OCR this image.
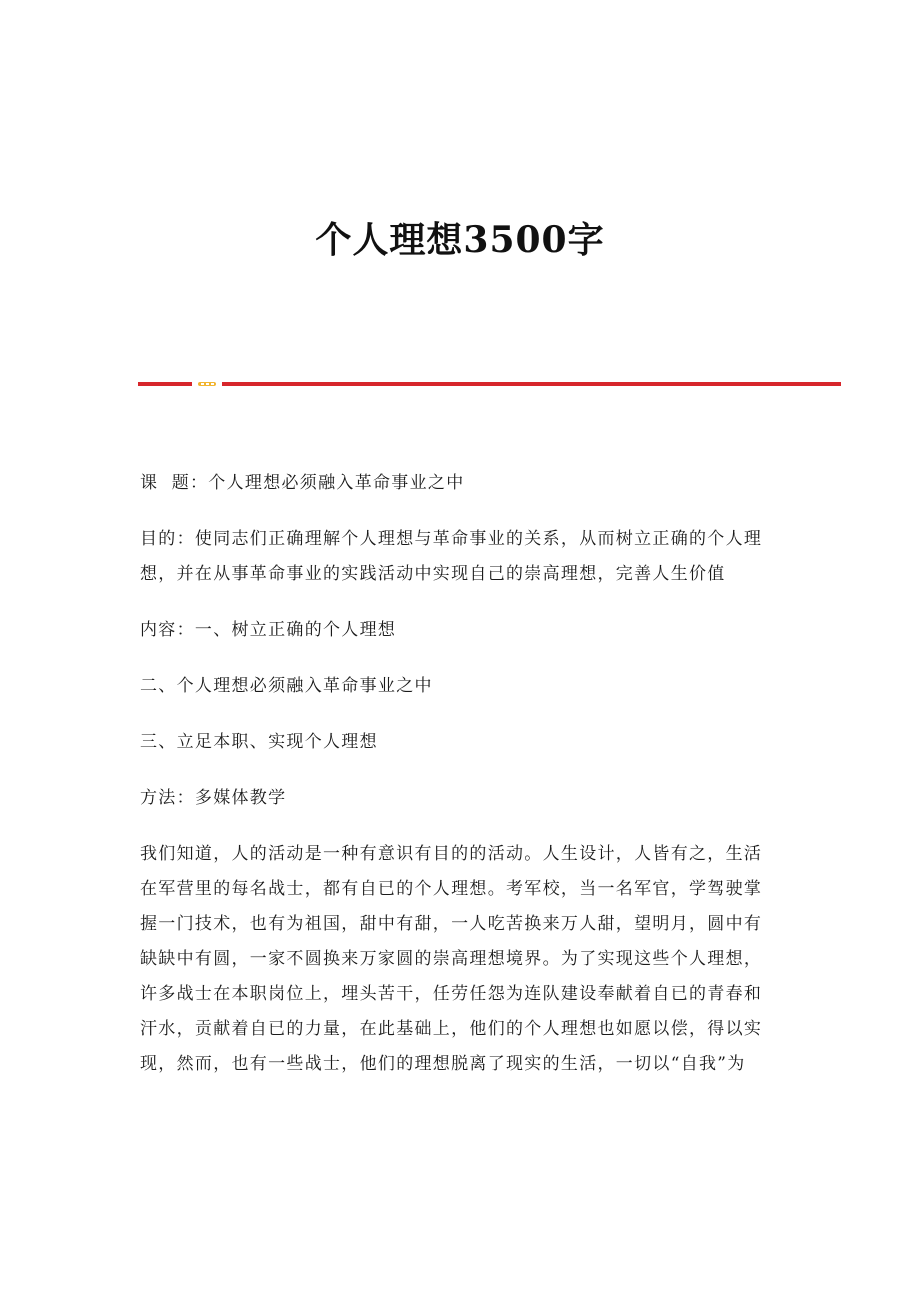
个人理想3500字

课  题：个人理想必须融入革命事业之中

目的：使同志们正确理解个人理想与革命事业的关系，从而树立正确的个人理想，并在从事革命事业的实践活动中实现自己的崇高理想，完善人生价值

内容：一、树立正确的个人理想

二、个人理想必须融入革命事业之中

三、立足本职、实现个人理想

方法：多媒体教学

我们知道，人的活动是一种有意识有目的的活动。人生设计，人皆有之，生活在军营里的每名战士，都有自已的个人理想。考军校，当一名军官，学驾驶掌握一门技术，也有为祖国，甜中有甜，一人吃苦换来万人甜，望明月，圆中有缺缺中有圆，一家不圆换来万家圆的崇高理想境界。为了实现这些个人理想，许多战士在本职岗位上，埋头苦干，任劳任怨为连队建设奉献着自已的青春和汗水，贡献着自已的力量，在此基础上，他们的个人理想也如愿以偿，得以实现，然而，也有一些战士，他们的理想脱离了现实的生活，一切以“自我”为
